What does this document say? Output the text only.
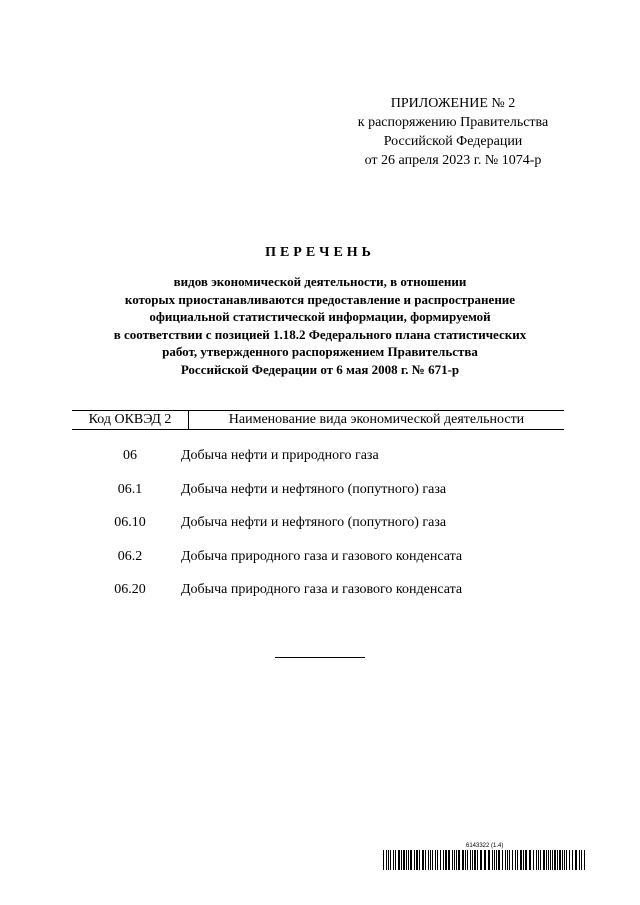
ПРИЛОЖЕНИЕ № 2
к распоряжению Правительства
Российской Федерации
от 26 апреля 2023 г. № 1074-р
ПЕРЕЧЕНЬ
видов экономической деятельности, в отношении
которых приостанавливаются предоставление и распространение
официальной статистической информации, формируемой
в соответствии с позицией 1.18.2 Федерального плана статистических
работ, утвержденного распоряжением Правительства
Российской Федерации от 6 мая 2008 г. № 671-р
Код ОКВЭД 2	Наименование вида экономической деятельности
06	Добыча нефти и природного газа
06.1	Добыча нефти и нефтяного (попутного) газа
06.10	Добыча нефти и нефтяного (попутного) газа
06.2	Добыча природного газа и газового конденсата
06.20	Добыча природного газа и газового конденсата
6143322 (1.4)
